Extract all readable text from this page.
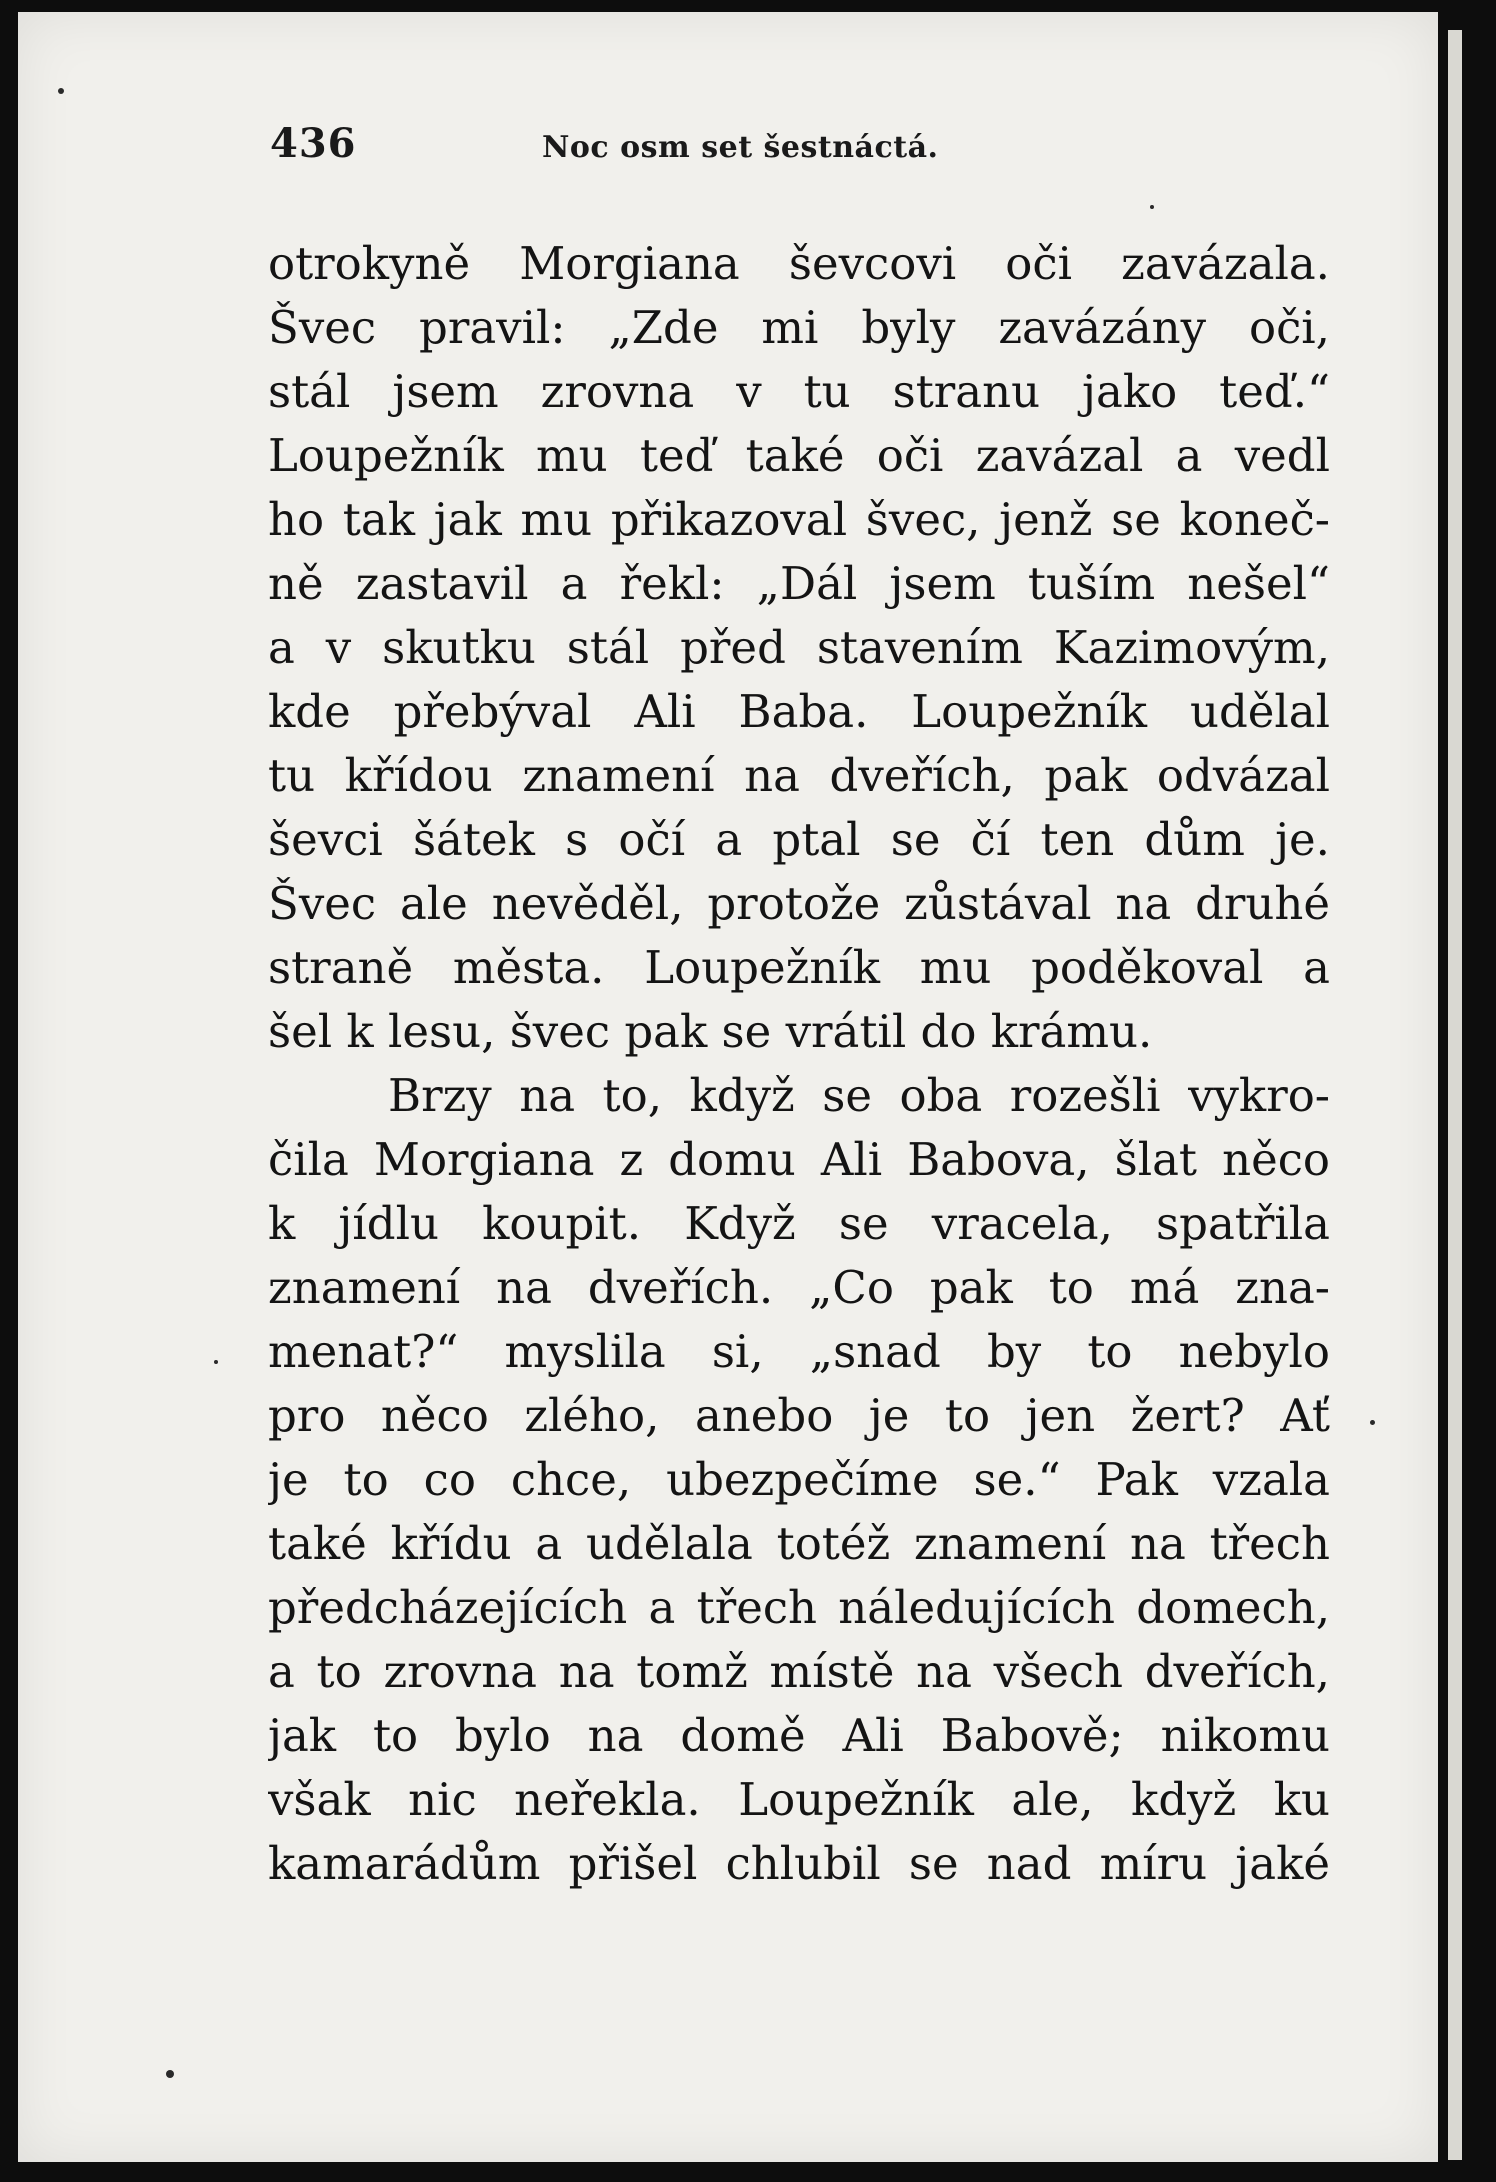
436	Noc osm set šestnáctá.
otrokyně Morgiana ševcovi oči zavázala.
Švec pravil: „Zde mi byly zavázány oči,
stál jsem zrovna v tu stranu jako teď.“
Loupežník mu teď také oči zavázal a vedl
ho tak jak mu přikazoval švec, jenž se koneč-
ně zastavil a řekl: „Dál jsem tuším nešel“
a v skutku stál před stavením Kazimovým,
kde přebýval Ali Baba. Loupežník udělal
tu křídou znamení na dveřích, pak odvázal
ševci šátek s očí a ptal se čí ten dům je.
Švec ale nevěděl, protože zůstával na druhé
straně města. Loupežník mu poděkoval a
šel k lesu, švec pak se vrátil do krámu.
Brzy na to, když se oba rozešli vykro-
čila Morgiana z domu Ali Babova, šlat něco
k jídlu koupit. Když se vracela, spatřila
znamení na dveřích. „Co pak to má zna-
menat?“ myslila si, „snad by to nebylo
pro něco zlého, anebo je to jen žert? Ať
je to co chce, ubezpečíme se.“ Pak vzala
také křídu a udělala totéž znamení na třech
předcházejících a třech náledujících domech,
a to zrovna na tomž místě na všech dveřích,
jak to bylo na domě Ali Babově; nikomu
však nic neřekla. Loupežník ale, když ku
kamarádům přišel chlubil se nad míru jaké
